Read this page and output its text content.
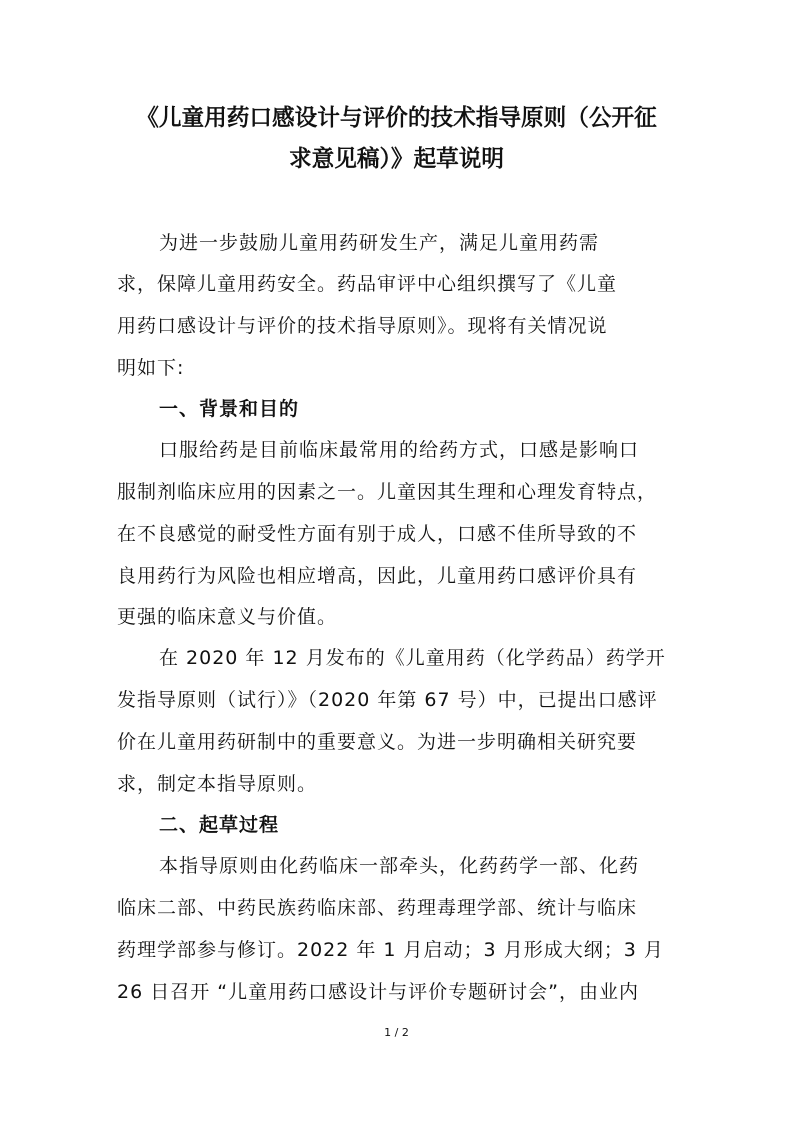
《儿童用药口感设计与评价的技术指导原则（公开征
求意见稿）》起草说明
为进一步鼓励儿童用药研发生产，满足儿童用药需
求，保障儿童用药安全。药品审评中心组织撰写了《儿童
用药口感设计与评价的技术指导原则》。现将有关情况说
明如下:
一、背景和目的
口服给药是目前临床最常用的给药方式，口感是影响口
服制剂临床应用的因素之一。儿童因其生理和心理发育特点，
在不良感觉的耐受性方面有别于成人，口感不佳所导致的不
良用药行为风险也相应增高，因此，儿童用药口感评价具有
更强的临床意义与价值。
在 2020 年 12 月发布的《儿童用药（化学药品）药学开
发指导原则（试行）》（2020 年第 67 号）中，已提出口感评
价在儿童用药研制中的重要意义。为进一步明确相关研究要
求，制定本指导原则。
二、起草过程
本指导原则由化药临床一部牵头，化药药学一部、化药
临床二部、中药民族药临床部、药理毒理学部、统计与临床
药理学部参与修订。2022 年 1 月启动；3 月形成大纲；3 月
26 日召开 “儿童用药口感设计与评价专题研讨会”，由业内
1 / 2
